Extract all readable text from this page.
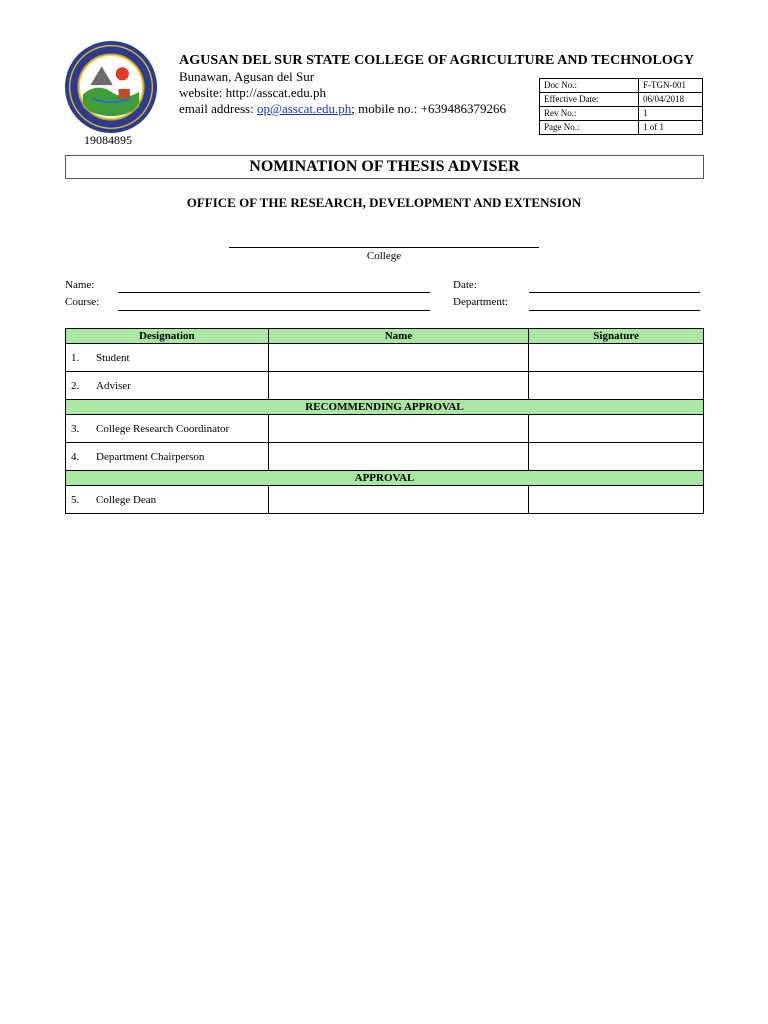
19084895
AGUSAN DEL SUR STATE COLLEGE OF AGRICULTURE AND TECHNOLOGY
Bunawan, Agusan del Sur
website: http://asscat.edu.ph
email address: op@asscat.edu.ph; mobile no.: +639486379266
Doc No.:	F-TGN-001
Effective Date:	06/04/2018
Rev No.:	1
Page No.:	1 of 1
NOMINATION OF THESIS ADVISER
OFFICE OF THE RESEARCH, DEVELOPMENT AND EXTENSION
College
Name:
Course:
Date:
Department:
Designation	Name	Signature
1. Student		
2. Adviser		
RECOMMENDING APPROVAL		
3. College Research Coordinator		
4. Department Chairperson		
APPROVAL		
5. College Dean		
